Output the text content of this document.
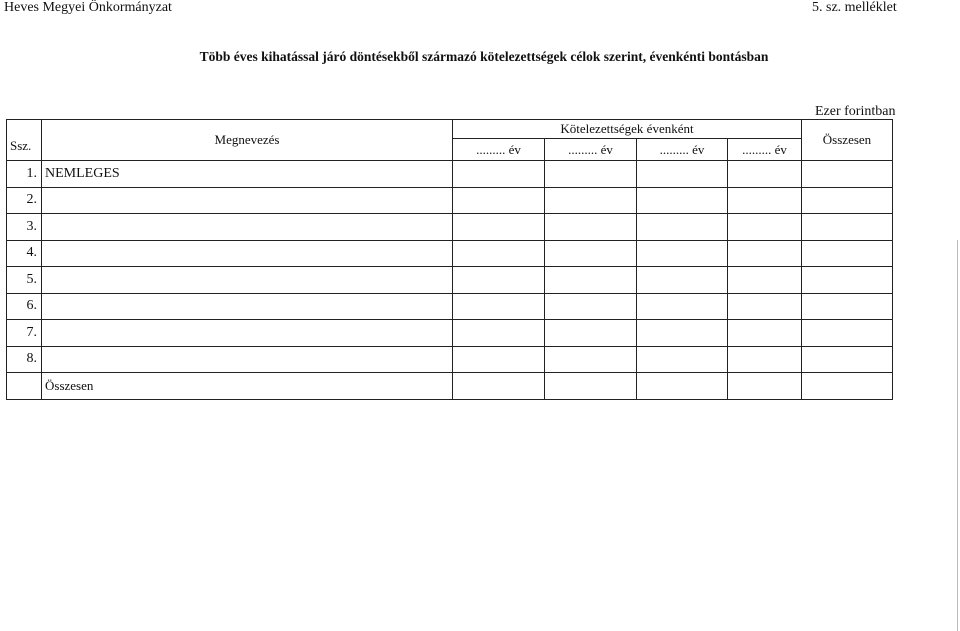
Heves Megyei Önkormányzat	5. sz. melléklet
Több éves kihatással járó döntésekből származó kötelezettségek célok szerint, évenkénti bontásban
Ezer forintban
Ssz.	Megnevezés	Kötelezettségek évenként				Összesen
		......... év	......... év	......... év	......... év	
1.	NEMLEGES					
2.						
3.						
4.						
5.						
6.						
7.						
8.						
	Összesen					
